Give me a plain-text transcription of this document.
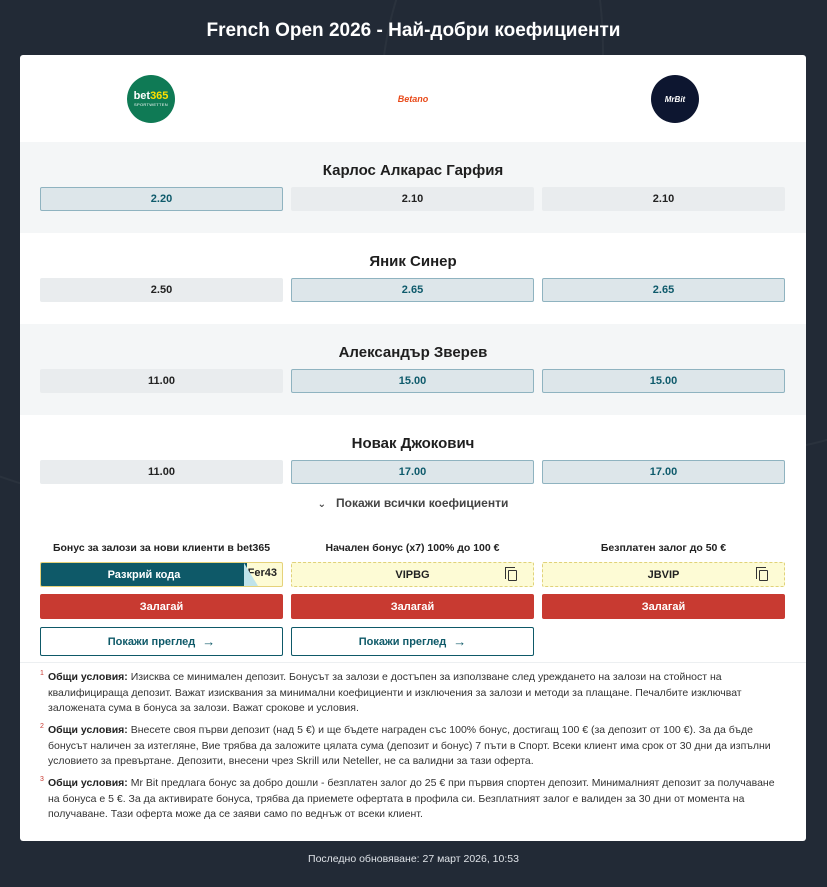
French Open 2026 - Най-добри коефициенти
bet365
SPORTWETTEN	Betano	MrBit
Карлос Алкарас Гарфия
2.20	2.10	2.10
Яник Синер
2.50	2.65	2.65
Александър Зверев
11.00	15.00	15.00
Новак Джокович
11.00	17.00	17.00
⌄ Покажи всички коефициенти
Бонус за залози за нови клиенти в bet365	Начален бонус (x7) 100% до 100 €	Безплатен залог до 50 €
Fer43
Разкрий кода	VIPBG	JBVIP
Залагай	Залагай	Залагай
Покажи преглед →	Покажи преглед →
1 Общи условия: Изисква се минимален депозит. Бонусът за залози е достъпен за използване след уреждането на залози на стойност на квалифицираща депозит. Важат изисквания за минимални коефициенти и изключения за залози и методи за плащане. Печалбите изключват заложената сума в бонуса за залози. Важат срокове и условия.
2 Общи условия: Внесете своя първи депозит (над 5 €) и ще бъдете награден със 100% бонус, достигащ 100 € (за депозит от 100 €). За да бъде бонусът наличен за изтегляне, Вие трябва да заложите цялата сума (депозит и бонус) 7 пъти в Спорт. Всеки клиент има срок от 30 дни да изпълни условието за превъртане. Депозити, внесени чрез Skrill или Neteller, не са валидни за тази оферта.
3 Общи условия: Mr Bit предлага бонус за добро дошли - безплатен залог до 25 € при първия спортен депозит. Минималният депозит за получаване на бонуса е 5 €. За да активирате бонуса, трябва да приемете офертата в профила си. Безплатният залог е валиден за 30 дни от момента на получаване. Тази оферта може да се заяви само по веднъж от всеки клиент.
Последно обновяване: 27 март 2026, 10:53
